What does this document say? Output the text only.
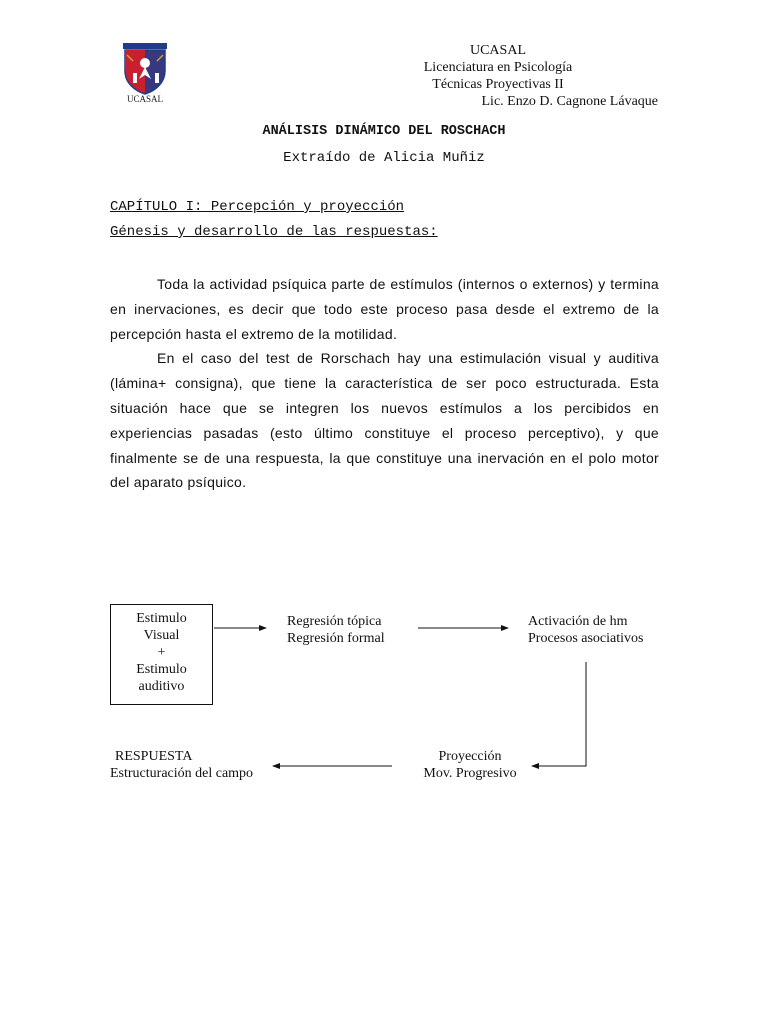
UCASAL
UCASAL
Licenciatura en Psicología
Técnicas Proyectivas II
Lic. Enzo D. Cagnone Lávaque
ANÁLISIS DINÁMICO DEL ROSCHACH
Extraído de Alicia Muñiz
CAPÍTULO I: Percepción y proyección
Génesis y desarrollo de las respuestas:

Toda la actividad psíquica parte de estímulos (internos o externos) y termina en inervaciones, es decir que todo este proceso pasa desde el extremo de la percepción hasta el extremo de la motilidad.

En el caso del test de Rorschach hay una estimulación visual y auditiva (lámina+ consigna), que tiene la característica de ser poco estructurada. Esta situación hace que se integren los nuevos estímulos a los percibidos en experiencias pasadas (esto último constituye el proceso perceptivo), y que finalmente se de una respuesta, la que constituye una inervación en el polo motor del aparato psíquico.

Estimulo
Visual
+
Estimulo
auditivo
Regresión tópica
Regresión formal
Activación de hm
Procesos asociativos
Proyección
Mov. Progresivo
RESPUESTA
Estructuración del campo
